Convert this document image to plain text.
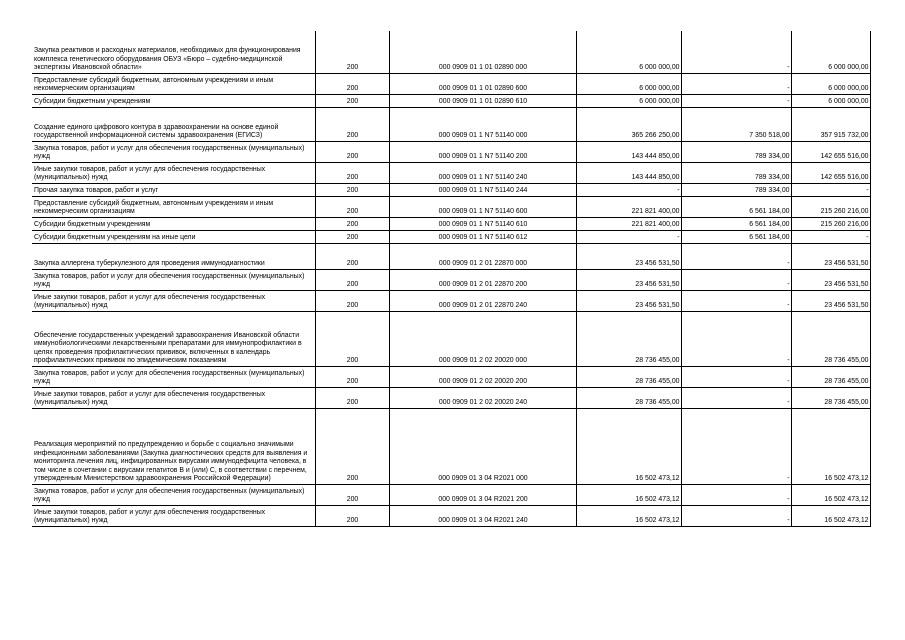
Закупка реактивов и расходных материалов, необходимых для функционирования комплекса генетического оборудования ОБУЗ «Бюро – судебно-медицинской экспертизы Ивановской области»	200	000 0909 01 1 01 02890 000	6 000 000,00	-	6 000 000,00
Предоставление субсидий бюджетным, автономным учреждениям и иным некоммерческим организациям	200	000 0909 01 1 01 02890 600	6 000 000,00	-	6 000 000,00
Субсидии бюджетным учреждениям	200	000 0909 01 1 01 02890 610	6 000 000,00	-	6 000 000,00
Создание единого цифрового контура в здравоохранении на основе единой государственной информационной системы здравоохранения (ЕГИСЗ)	200	000 0909 01 1 N7 51140 000	365 266 250,00	7 350 518,00	357 915 732,00
Закупка товаров, работ и услуг для обеспечения государственных (муниципальных) нужд	200	000 0909 01 1 N7 51140 200	143 444 850,00	789 334,00	142 655 516,00
Иные закупки товаров, работ и услуг для обеспечения государственных (муниципальных) нужд	200	000 0909 01 1 N7 51140 240	143 444 850,00	789 334,00	142 655 516,00
Прочая закупка товаров, работ и услуг	200	000 0909 01 1 N7 51140 244	-	789 334,00	-
Предоставление субсидий бюджетным, автономным учреждениям и иным некоммерческим организациям	200	000 0909 01 1 N7 51140 600	221 821 400,00	6 561 184,00	215 260 216,00
Субсидии бюджетным учреждениям	200	000 0909 01 1 N7 51140 610	221 821 400,00	6 561 184,00	215 260 216,00
Субсидии бюджетным учреждениям на иные цели	200	000 0909 01 1 N7 51140 612	-	6 561 184,00	-
Закупка аллергена туберкулезного для проведения иммунодиагностики	200	000 0909 01 2 01 22870 000	23 456 531,50	-	23 456 531,50
Закупка товаров, работ и услуг для обеспечения государственных (муниципальных) нужд	200	000 0909 01 2 01 22870 200	23 456 531,50	-	23 456 531,50
Иные закупки товаров, работ и услуг для обеспечения государственных (муниципальных) нужд	200	000 0909 01 2 01 22870 240	23 456 531,50	-	23 456 531,50
Обеспечение государственных учреждений здравоохранения Ивановской области иммунобиологическими лекарственными препаратами для иммунопрофилактики в целях проведения профилактических прививок, включенных в календарь профилактических прививок по эпидемическим показаниям	200	000 0909 01 2 02 20020 000	28 736 455,00	-	28 736 455,00
Закупка товаров, работ и услуг для обеспечения государственных (муниципальных) нужд	200	000 0909 01 2 02 20020 200	28 736 455,00	-	28 736 455,00
Иные закупки товаров, работ и услуг для обеспечения государственных (муниципальных) нужд	200	000 0909 01 2 02 20020 240	28 736 455,00	-	28 736 455,00
Реализация мероприятий по предупреждению и борьбе с социально значимыми инфекционными заболеваниями (Закупка диагностических средств для выявления и мониторинга лечения лиц, инфицированных вирусами иммунодефицита человека, в том числе в сочетании с вирусами гепатитов B и (или) C, в соответствии с перечнем, утвержденным Министерством здравоохранения Российской Федерации)	200	000 0909 01 3 04 R2021 000	16 502 473,12	-	16 502 473,12
Закупка товаров, работ и услуг для обеспечения государственных (муниципальных) нужд	200	000 0909 01 3 04 R2021 200	16 502 473,12	-	16 502 473,12
Иные закупки товаров, работ и услуг для обеспечения государственных (муниципальных) нужд	200	000 0909 01 3 04 R2021 240	16 502 473,12	-	16 502 473,12
